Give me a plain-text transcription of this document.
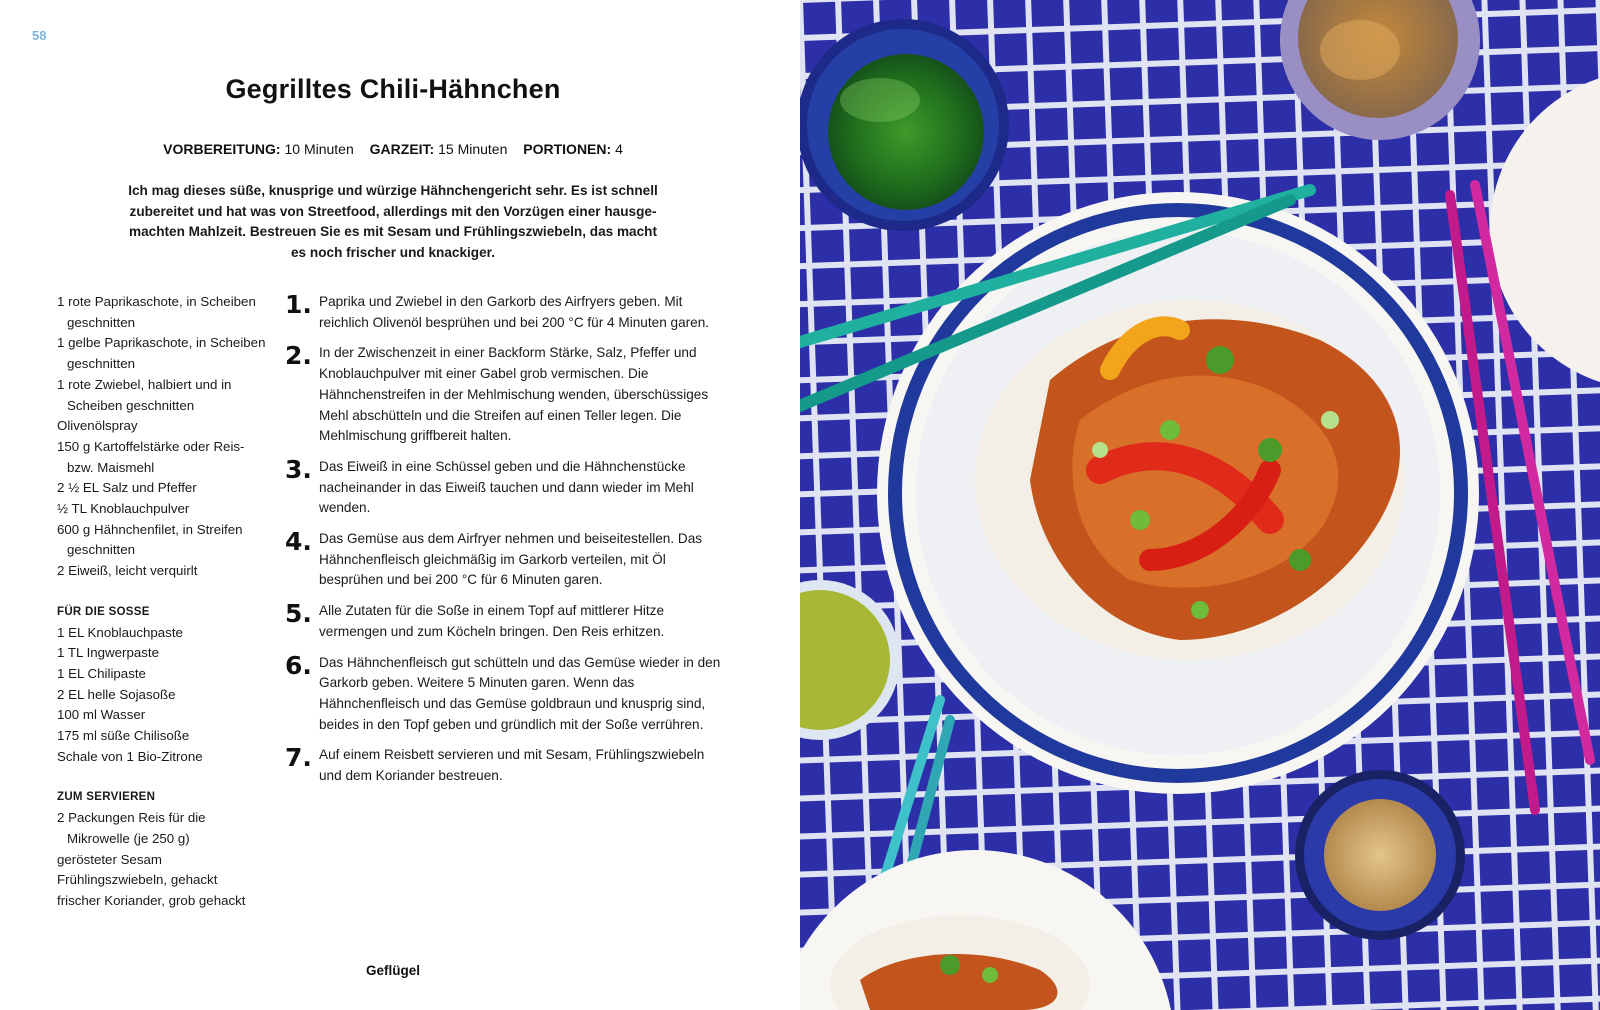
58
Gegrilltes Chili-Hähnchen
VORBEREITUNG: 10 Minuten GARZEIT: 15 Minuten PORTIONEN: 4
Ich mag dieses süße, knusprige und würzige Hähnchengericht sehr. Es ist schnell
zubereitet und hat was von Streetfood, allerdings mit den Vorzügen einer hausge-
machten Mahlzeit. Bestreuen Sie es mit Sesam und Frühlingszwiebeln, das macht
es noch frischer und knackiger.
1 rote Paprikaschote, in Scheiben geschnitten
1 gelbe Paprikaschote, in Scheiben geschnitten
1 rote Zwiebel, halbiert und in Scheiben geschnitten
Olivenölspray
150 g Kartoffelstärke oder Reis- bzw. Maismehl
2 ½ EL Salz und Pfeffer
½ TL Knoblauchpulver
600 g Hähnchenfilet, in Streifen geschnitten
2 Eiweiß, leicht verquirlt
FÜR DIE SOSSE
1 EL Knoblauchpaste
1 TL Ingwerpaste
1 EL Chilipaste
2 EL helle Sojasoße
100 ml Wasser
175 ml süße Chilisoße
Schale von 1 Bio-Zitrone
ZUM SERVIEREN
2 Packungen Reis für die Mikrowelle (je 250 g)
gerösteter Sesam
Frühlingszwiebeln, gehackt
frischer Koriander, grob gehackt
1. Paprika und Zwiebel in den Garkorb des Airfryers geben. Mit reichlich Olivenöl besprühen und bei 200 °C für 4 Minuten garen.
2. In der Zwischenzeit in einer Backform Stärke, Salz, Pfeffer und Knoblauchpulver mit einer Gabel grob vermischen. Die Hähnchenstreifen in der Mehlmischung wenden, überschüssiges Mehl abschütteln und die Streifen auf einen Teller legen. Die Mehlmischung griffbereit halten.
3. Das Eiweiß in eine Schüssel geben und die Hähnchenstücke nacheinander in das Eiweiß tauchen und dann wieder im Mehl wenden.
4. Das Gemüse aus dem Airfryer nehmen und beiseitestellen. Das Hähnchenfleisch gleichmäßig im Garkorb verteilen, mit Öl besprühen und bei 200 °C für 6 Minuten garen.
5. Alle Zutaten für die Soße in einem Topf auf mittlerer Hitze vermengen und zum Köcheln bringen. Den Reis erhitzen.
6. Das Hähnchenfleisch gut schütteln und das Gemüse wieder in den Garkorb geben. Weitere 5 Minuten garen. Wenn das Hähnchenfleisch und das Gemüse goldbraun und knusprig sind, beides in den Topf geben und gründlich mit der Soße verrühren.
7. Auf einem Reisbett servieren und mit Sesam, Frühlingszwiebeln und dem Koriander bestreuen.
Geflügel
